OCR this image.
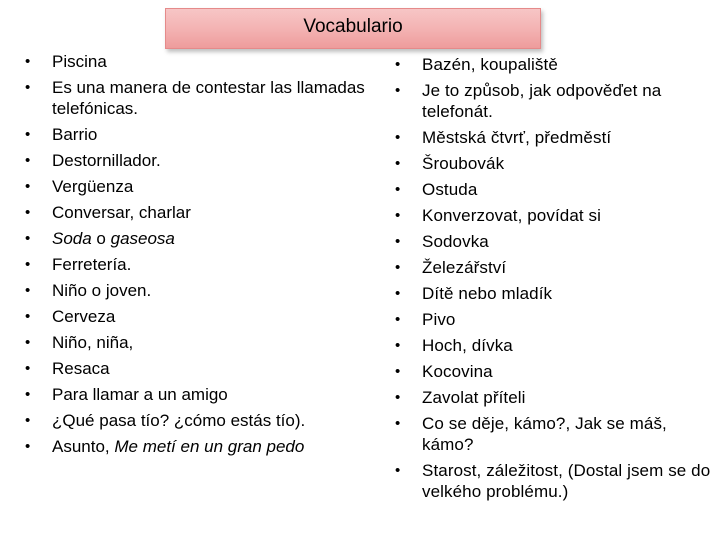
Vocabulario
•	Piscina
•	Es una manera de contestar las llamadas telefónicas.
•	Barrio
•	Destornillador.
•	Vergüenza
•	Conversar, charlar
•	Soda o gaseosa
•	Ferretería.
•	Niño o joven.
•	Cerveza
•	Niño, niña,
•	Resaca
•	Para llamar a un amigo
•	¿Qué pasa tío? ¿cómo estás tío).
•	Asunto, Me metí en un gran pedo
•	Bazén, koupaliště
•	Je to způsob, jak odpověďet na telefonát.
•	Městská čtvrť, předměstí
•	Šroubovák
•	Ostuda
•	Konverzovat, povídat si
•	Sodovka
•	Železářství
•	Dítě nebo mladík
•	Pivo
•	Hoch, dívka
•	Kocovina
•	Zavolat příteli
•	Co se děje, kámo?, Jak se máš, kámo?
•	Starost, záležitost, (Dostal jsem se do velkého problému.)
